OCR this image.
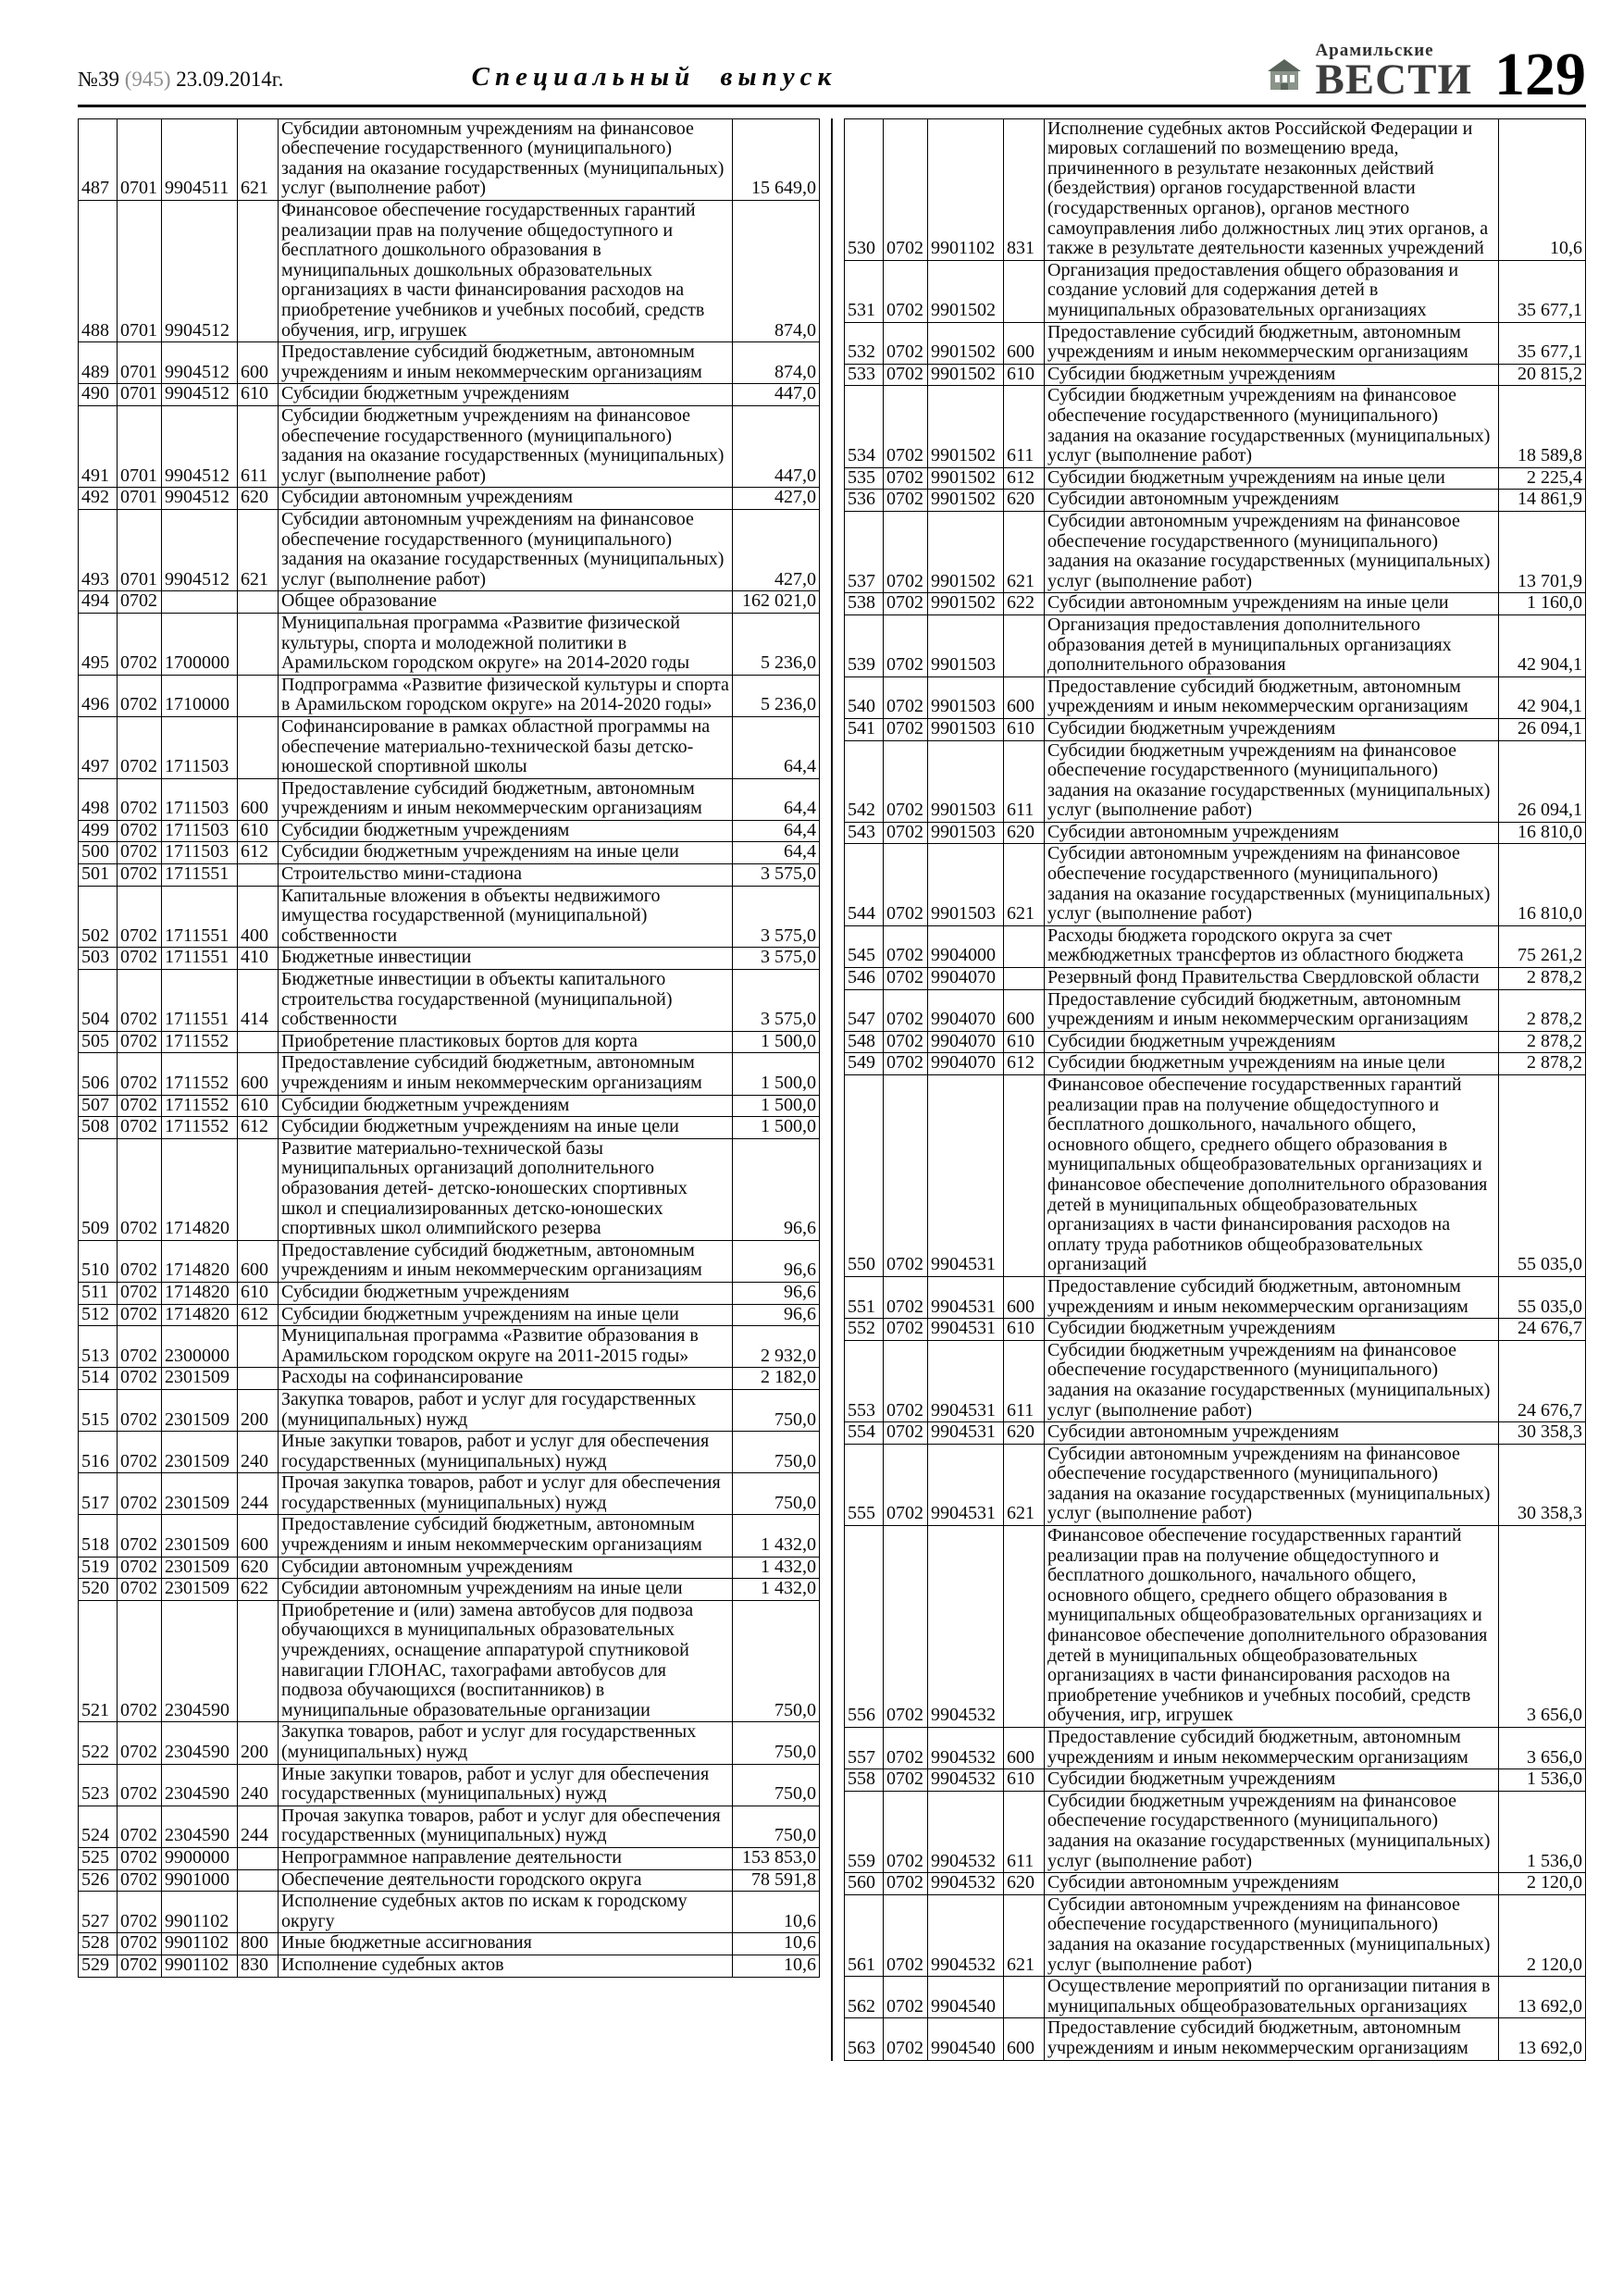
№39 (945) 23.09.2014г.	Специальный выпуск
Арамильские
ВЕСТИ 129
487	0701	9904511	621	Субсидии автономным учреждениям на финансовое обеспечение государственного (муниципального) задания на оказание государственных (муниципальных) услуг (выполнение работ)	15 649,0
488	0701	9904512		Финансовое обеспечение государственных гарантий реализации прав на получение общедоступного и бесплатного дошкольного образования в муниципальных дошкольных образовательных организациях в части финансирования расходов на приобретение учебников и учебных пособий, средств обучения, игр, игрушек	874,0
489	0701	9904512	600	Предоставление субсидий бюджетным, автономным учреждениям и иным некоммерческим организациям	874,0
490	0701	9904512	610	Субсидии бюджетным учреждениям	447,0
491	0701	9904512	611	Субсидии бюджетным учреждениям на финансовое обеспечение государственного (муниципального) задания на оказание государственных (муниципальных) услуг (выполнение работ)	447,0
492	0701	9904512	620	Субсидии автономным учреждениям	427,0
493	0701	9904512	621	Субсидии автономным учреждениям на финансовое обеспечение государственного (муниципального) задания на оказание государственных (муниципальных) услуг (выполнение работ)	427,0
494	0702			Общее образование	162 021,0
495	0702	1700000		Муниципальная программа «Развитие физической культуры, спорта и молодежной политики в Арамильском городском округе» на 2014-2020 годы	5 236,0
496	0702	1710000		Подпрограмма «Развитие физической культуры и спорта в Арамильском городском округе» на 2014-2020 годы»	5 236,0
497	0702	1711503		Софинансирование в рамках областной программы на обеспечение материально-технической базы детско-юношеской спортивной школы	64,4
498	0702	1711503	600	Предоставление субсидий бюджетным, автономным учреждениям и иным некоммерческим организациям	64,4
499	0702	1711503	610	Субсидии бюджетным учреждениям	64,4
500	0702	1711503	612	Субсидии бюджетным учреждениям на иные цели	64,4
501	0702	1711551		Строительство мини-стадиона	3 575,0
502	0702	1711551	400	Капитальные вложения в объекты недвижимого имущества государственной (муниципальной) собственности	3 575,0
503	0702	1711551	410	Бюджетные инвестиции	3 575,0
504	0702	1711551	414	Бюджетные инвестиции в объекты капитального строительства государственной (муниципальной) собственности	3 575,0
505	0702	1711552		Приобретение пластиковых бортов для корта	1 500,0
506	0702	1711552	600	Предоставление субсидий бюджетным, автономным учреждениям и иным некоммерческим организациям	1 500,0
507	0702	1711552	610	Субсидии бюджетным учреждениям	1 500,0
508	0702	1711552	612	Субсидии бюджетным учреждениям на иные цели	1 500,0
509	0702	1714820		Развитие материально-технической базы муниципальных организаций дополнительного образования детей- детско-юношеских спортивных школ и специализированных детско-юношеских спортивных школ олимпийского резерва	96,6
510	0702	1714820	600	Предоставление субсидий бюджетным, автономным учреждениям и иным некоммерческим организациям	96,6
511	0702	1714820	610	Субсидии бюджетным учреждениям	96,6
512	0702	1714820	612	Субсидии бюджетным учреждениям на иные цели	96,6
513	0702	2300000		Муниципальная программа «Развитие образования в Арамильском городском округе на 2011-2015 годы»	2 932,0
514	0702	2301509		Расходы на софинансирование	2 182,0
515	0702	2301509	200	Закупка товаров, работ и услуг для государственных (муниципальных) нужд	750,0
516	0702	2301509	240	Иные закупки товаров, работ и услуг для обеспечения государственных (муниципальных) нужд	750,0
517	0702	2301509	244	Прочая закупка товаров, работ и услуг для обеспечения государственных (муниципальных) нужд	750,0
518	0702	2301509	600	Предоставление субсидий бюджетным, автономным учреждениям и иным некоммерческим организациям	1 432,0
519	0702	2301509	620	Субсидии автономным учреждениям	1 432,0
520	0702	2301509	622	Субсидии автономным учреждениям на иные цели	1 432,0
521	0702	2304590		Приобретение и (или) замена автобусов для подвоза обучающихся в муниципальных образовательных учреждениях, оснащение аппаратурой спутниковой навигации ГЛОНАС, тахографами автобусов для подвоза обучающихся (воспитанников) в муниципальные образовательные организации	750,0
522	0702	2304590	200	Закупка товаров, работ и услуг для государственных (муниципальных) нужд	750,0
523	0702	2304590	240	Иные закупки товаров, работ и услуг для обеспечения государственных (муниципальных) нужд	750,0
524	0702	2304590	244	Прочая закупка товаров, работ и услуг для обеспечения государственных (муниципальных) нужд	750,0
525	0702	9900000		Непрограммное направление деятельности	153 853,0
526	0702	9901000		Обеспечение деятельности городского округа	78 591,8
527	0702	9901102		Исполнение судебных актов по искам к городскому округу	10,6
528	0702	9901102	800	Иные бюджетные ассигнования	10,6
529	0702	9901102	830	Исполнение судебных актов	10,6
530	0702	9901102	831	Исполнение судебных актов Российской Федерации и мировых соглашений по возмещению вреда, причиненного в результате незаконных действий (бездействия) органов государственной власти (государственных органов), органов местного самоуправления либо должностных лиц этих органов, а также в результате деятельности казенных учреждений	10,6
531	0702	9901502		Организация предоставления общего образования и создание условий для содержания детей в муниципальных образовательных организациях	35 677,1
532	0702	9901502	600	Предоставление субсидий бюджетным, автономным учреждениям и иным некоммерческим организациям	35 677,1
533	0702	9901502	610	Субсидии бюджетным учреждениям	20 815,2
534	0702	9901502	611	Субсидии бюджетным учреждениям на финансовое обеспечение государственного (муниципального) задания на оказание государственных (муниципальных) услуг (выполнение работ)	18 589,8
535	0702	9901502	612	Субсидии бюджетным учреждениям на иные цели	2 225,4
536	0702	9901502	620	Субсидии автономным учреждениям	14 861,9
537	0702	9901502	621	Субсидии автономным учреждениям на финансовое обеспечение государственного (муниципального) задания на оказание государственных (муниципальных) услуг (выполнение работ)	13 701,9
538	0702	9901502	622	Субсидии автономным учреждениям на иные цели	1 160,0
539	0702	9901503		Организация предоставления дополнительного образования детей в муниципальных организациях дополнительного образования	42 904,1
540	0702	9901503	600	Предоставление субсидий бюджетным, автономным учреждениям и иным некоммерческим организациям	42 904,1
541	0702	9901503	610	Субсидии бюджетным учреждениям	26 094,1
542	0702	9901503	611	Субсидии бюджетным учреждениям на финансовое обеспечение государственного (муниципального) задания на оказание государственных (муниципальных) услуг (выполнение работ)	26 094,1
543	0702	9901503	620	Субсидии автономным учреждениям	16 810,0
544	0702	9901503	621	Субсидии автономным учреждениям на финансовое обеспечение государственного (муниципального) задания на оказание государственных (муниципальных) услуг (выполнение работ)	16 810,0
545	0702	9904000		Расходы бюджета городского округа за счет межбюджетных трансфертов из областного бюджета	75 261,2
546	0702	9904070		Резервный фонд Правительства Свердловской области	2 878,2
547	0702	9904070	600	Предоставление субсидий бюджетным, автономным учреждениям и иным некоммерческим организациям	2 878,2
548	0702	9904070	610	Субсидии бюджетным учреждениям	2 878,2
549	0702	9904070	612	Субсидии бюджетным учреждениям на иные цели	2 878,2
550	0702	9904531		Финансовое обеспечение государственных гарантий реализации прав на получение общедоступного и бесплатного дошкольного, начального общего, основного общего, среднего общего образования в муниципальных общеобразовательных организациях и финансовое обеспечение дополнительного образования детей в муниципальных общеобразовательных организациях в части финансирования расходов на оплату труда работников общеобразовательных организаций	55 035,0
551	0702	9904531	600	Предоставление субсидий бюджетным, автономным учреждениям и иным некоммерческим организациям	55 035,0
552	0702	9904531	610	Субсидии бюджетным учреждениям	24 676,7
553	0702	9904531	611	Субсидии бюджетным учреждениям на финансовое обеспечение государственного (муниципального) задания на оказание государственных (муниципальных) услуг (выполнение работ)	24 676,7
554	0702	9904531	620	Субсидии автономным учреждениям	30 358,3
555	0702	9904531	621	Субсидии автономным учреждениям на финансовое обеспечение государственного (муниципального) задания на оказание государственных (муниципальных) услуг (выполнение работ)	30 358,3
556	0702	9904532		Финансовое обеспечение государственных гарантий реализации прав на получение общедоступного и бесплатного дошкольного, начального общего, основного общего, среднего общего образования в муниципальных общеобразовательных организациях и финансовое обеспечение дополнительного образования детей в муниципальных общеобразовательных организациях в части финансирования расходов на приобретение учебников и учебных пособий, средств обучения, игр, игрушек	3 656,0
557	0702	9904532	600	Предоставление субсидий бюджетным, автономным учреждениям и иным некоммерческим организациям	3 656,0
558	0702	9904532	610	Субсидии бюджетным учреждениям	1 536,0
559	0702	9904532	611	Субсидии бюджетным учреждениям на финансовое обеспечение государственного (муниципального) задания на оказание государственных (муниципальных) услуг (выполнение работ)	1 536,0
560	0702	9904532	620	Субсидии автономным учреждениям	2 120,0
561	0702	9904532	621	Субсидии автономным учреждениям на финансовое обеспечение государственного (муниципального) задания на оказание государственных (муниципальных) услуг (выполнение работ)	2 120,0
562	0702	9904540		Осуществление мероприятий по организации питания в муниципальных общеобразовательных организациях	13 692,0
563	0702	9904540	600	Предоставление субсидий бюджетным, автономным учреждениям и иным некоммерческим организациям	13 692,0
